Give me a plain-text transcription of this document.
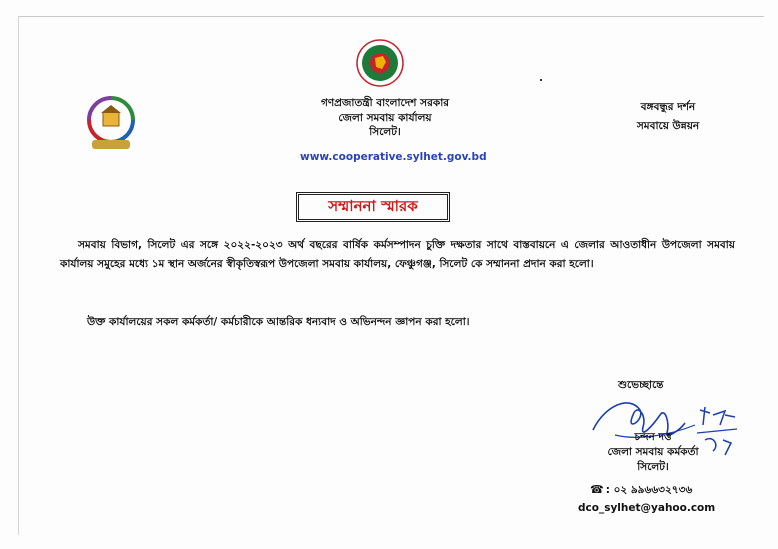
গণপ্রজাতন্ত্রী বাংলাদেশ সরকার
জেলা সমবায় কার্যালয়
সিলেট।
www.cooperative.sylhet.gov.bd
বঙ্গবন্ধুর দর্শন
সমবায়ে উন্নয়ন
সম্মাননা স্মারক
সমবায় বিভাগ, সিলেট এর সঙ্গে ২০২২-২০২৩ অর্থ বছরের বার্ষিক কর্মসম্পাদন চুক্তি দক্ষতার সাথে বাস্তবায়নে এ জেলার আওতাধীন উপজেলা সমবায় কার্যালয় সমুহের মধ্যে ১ম স্থান অর্জনের স্বীকৃতিস্বরূপ উপজেলা সমবায় কার্যালয়, ফেঞ্চুগঞ্জ, সিলেট কে সম্মাননা প্রদান করা হলো।
উক্ত কার্যালয়ের সকল কর্মকর্তা/ কর্মচারীকে আন্তরিক ধন্যবাদ ও অভিনন্দন জ্ঞাপন করা হলো।
শুভেচ্ছান্তে
চন্দন দত্ত
জেলা সমবায় কর্মকর্তা
সিলেট।
☎ : ০২ ৯৯৬৬৩২৭৩৬
dco_sylhet@yahoo.com
